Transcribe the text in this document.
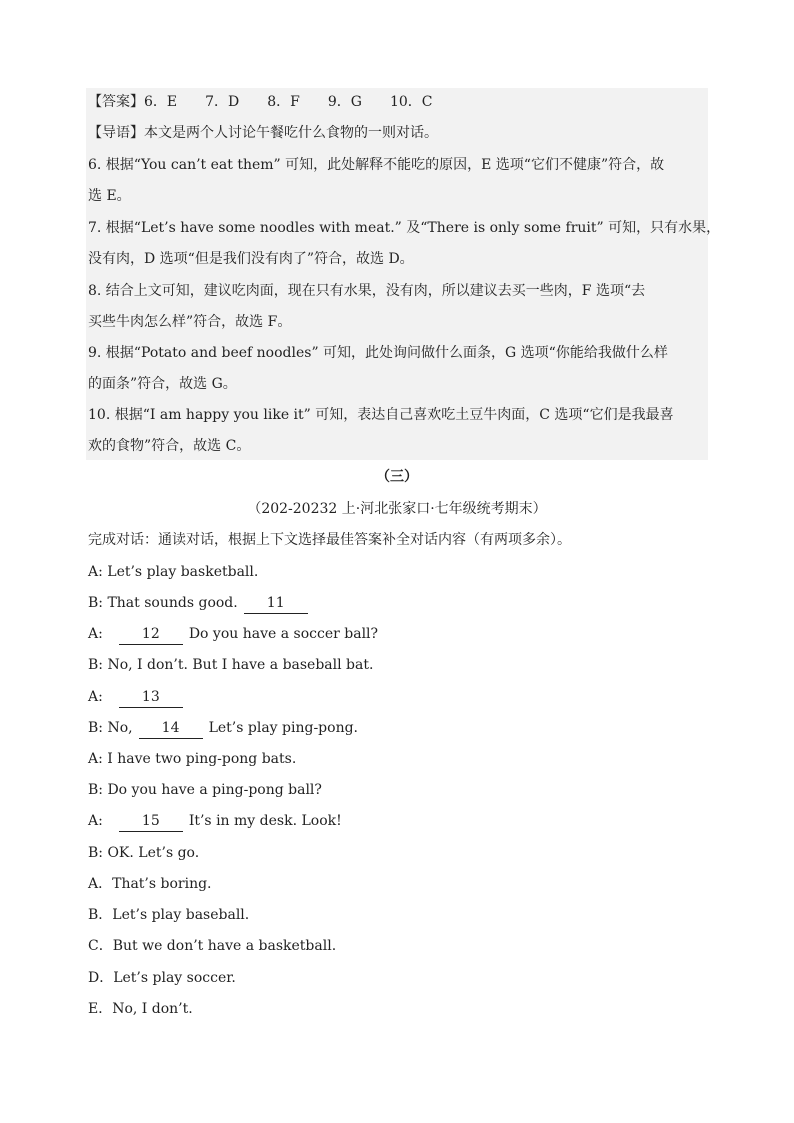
【答案】6．E　　7．D　　8．F　　9．G　　10．C
【导语】本文是两个人讨论午餐吃什么食物的一则对话。
6. 根据“You can’t eat them” 可知，此处解释不能吃的原因，E 选项“它们不健康”符合，故
选 E。
7. 根据“Let’s have some noodles with meat.” 及“There is only some fruit” 可知，只有水果，
没有肉，D 选项“但是我们没有肉了”符合，故选 D。
8. 结合上文可知，建议吃肉面，现在只有水果，没有肉，所以建议去买一些肉，F 选项“去
买些牛肉怎么样”符合，故选 F。
9. 根据“Potato and beef noodles” 可知，此处询问做什么面条，G 选项“你能给我做什么样
的面条”符合，故选 G。
10. 根据“I am happy you like it” 可知，表达自己喜欢吃土豆牛肉面，C 选项“它们是我最喜
欢的食物”符合，故选 C。
（三）
（202-20232 上·河北张家口·七年级统考期末）
完成对话：通读对话，根据上下文选择最佳答案补全对话内容（有两项多余）。
A: Let’s play basketball.
B: That sounds good. 11
A:	12 Do you have a soccer ball?
B: No, I don’t. But I have a baseball bat.
A:	13
B: No, 14 Let’s play ping-pong.
A: I have two ping-pong bats.
B: Do you have a ping-pong ball?
A:	15 It’s in my desk. Look!
B: OK. Let’s go.
A．That’s boring.
B．Let’s play baseball.
C．But we don’t have a basketball.
D．Let’s play soccer.
E．No, I don’t.
